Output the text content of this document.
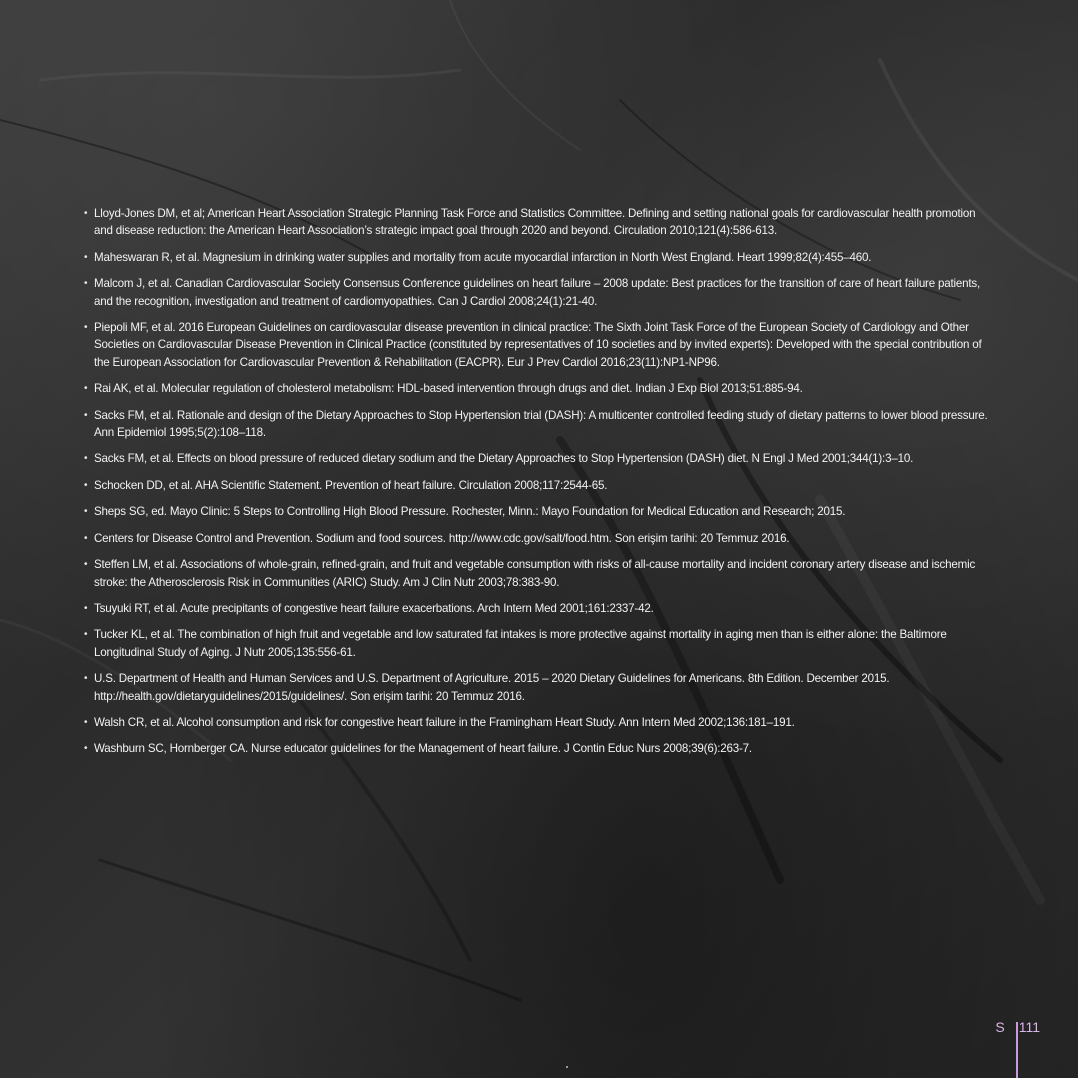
• Lloyd-Jones DM, et al; American Heart Association Strategic Planning Task Force and Statistics Committee. Defining and setting national goals for cardiovascular health promotion and disease reduction: the American Heart Association’s strategic impact goal through 2020 and beyond. Circulation 2010;121(4):586-613.
• Maheswaran R, et al. Magnesium in drinking water supplies and mortality from acute myocardial infarction in North West England. Heart 1999;82(4):455–460.
• Malcom J, et al. Canadian Cardiovascular Society Consensus Conference guidelines on heart failure – 2008 update: Best practices for the transition of care of heart failure patients, and the recognition, investigation and treatment of cardiomyopathies. Can J Cardiol 2008;24(1):21-40.
• Piepoli MF, et al. 2016 European Guidelines on cardiovascular disease prevention in clinical practice: The Sixth Joint Task Force of the European Society of Cardiology and Other Societies on Cardiovascular Disease Prevention in Clinical Practice (constituted by representatives of 10 societies and by invited experts): Developed with the special contribution of the European Association for Cardiovascular Prevention & Rehabilitation (EACPR). Eur J Prev Cardiol 2016;23(11):NP1-NP96.
• Rai AK, et al. Molecular regulation of cholesterol metabolism: HDL-based intervention through drugs and diet. Indian J Exp Biol 2013;51:885-94.
• Sacks FM, et al. Rationale and design of the Dietary Approaches to Stop Hypertension trial (DASH): A multicenter controlled feeding study of dietary patterns to lower blood pressure. Ann Epidemiol 1995;5(2):108–118.
• Sacks FM, et al. Effects on blood pressure of reduced dietary sodium and the Dietary Approaches to Stop Hypertension (DASH) diet. N Engl J Med 2001;344(1):3–10.
• Schocken DD, et al. AHA Scientific Statement. Prevention of heart failure. Circulation 2008;117:2544-65.
• Sheps SG, ed. Mayo Clinic: 5 Steps to Controlling High Blood Pressure. Rochester, Minn.: Mayo Foundation for Medical Education and Research; 2015.
• Centers for Disease Control and Prevention. Sodium and food sources. http://www.cdc.gov/salt/food.htm. Son erişim tarihi: 20 Temmuz 2016.
• Steffen LM, et al. Associations of whole-grain, refined-grain, and fruit and vegetable consumption with risks of all-cause mortality and incident coronary artery disease and ischemic stroke: the Atherosclerosis Risk in Communities (ARIC) Study. Am J Clin Nutr 2003;78:383-90.
• Tsuyuki RT, et al. Acute precipitants of congestive heart failure exacerbations. Arch Intern Med 2001;161:2337-42.
• Tucker KL, et al. The combination of high fruit and vegetable and low saturated fat intakes is more protective against mortality in aging men than is either alone: the Baltimore Longitudinal Study of Aging. J Nutr 2005;135:556-61.
• U.S. Department of Health and Human Services and U.S. Department of Agriculture. 2015 – 2020 Dietary Guidelines for Americans. 8th Edition. December 2015. http://health.gov/dietaryguidelines/2015/guidelines/. Son erişim tarihi: 20 Temmuz 2016.
• Walsh CR, et al. Alcohol consumption and risk for congestive heart failure in the Framingham Heart Study. Ann Intern Med 2002;136:181–191.
• Washburn SC, Hornberger CA. Nurse educator guidelines for the Management of heart failure. J Contin Educ Nurs 2008;39(6):263-7.
S	111
